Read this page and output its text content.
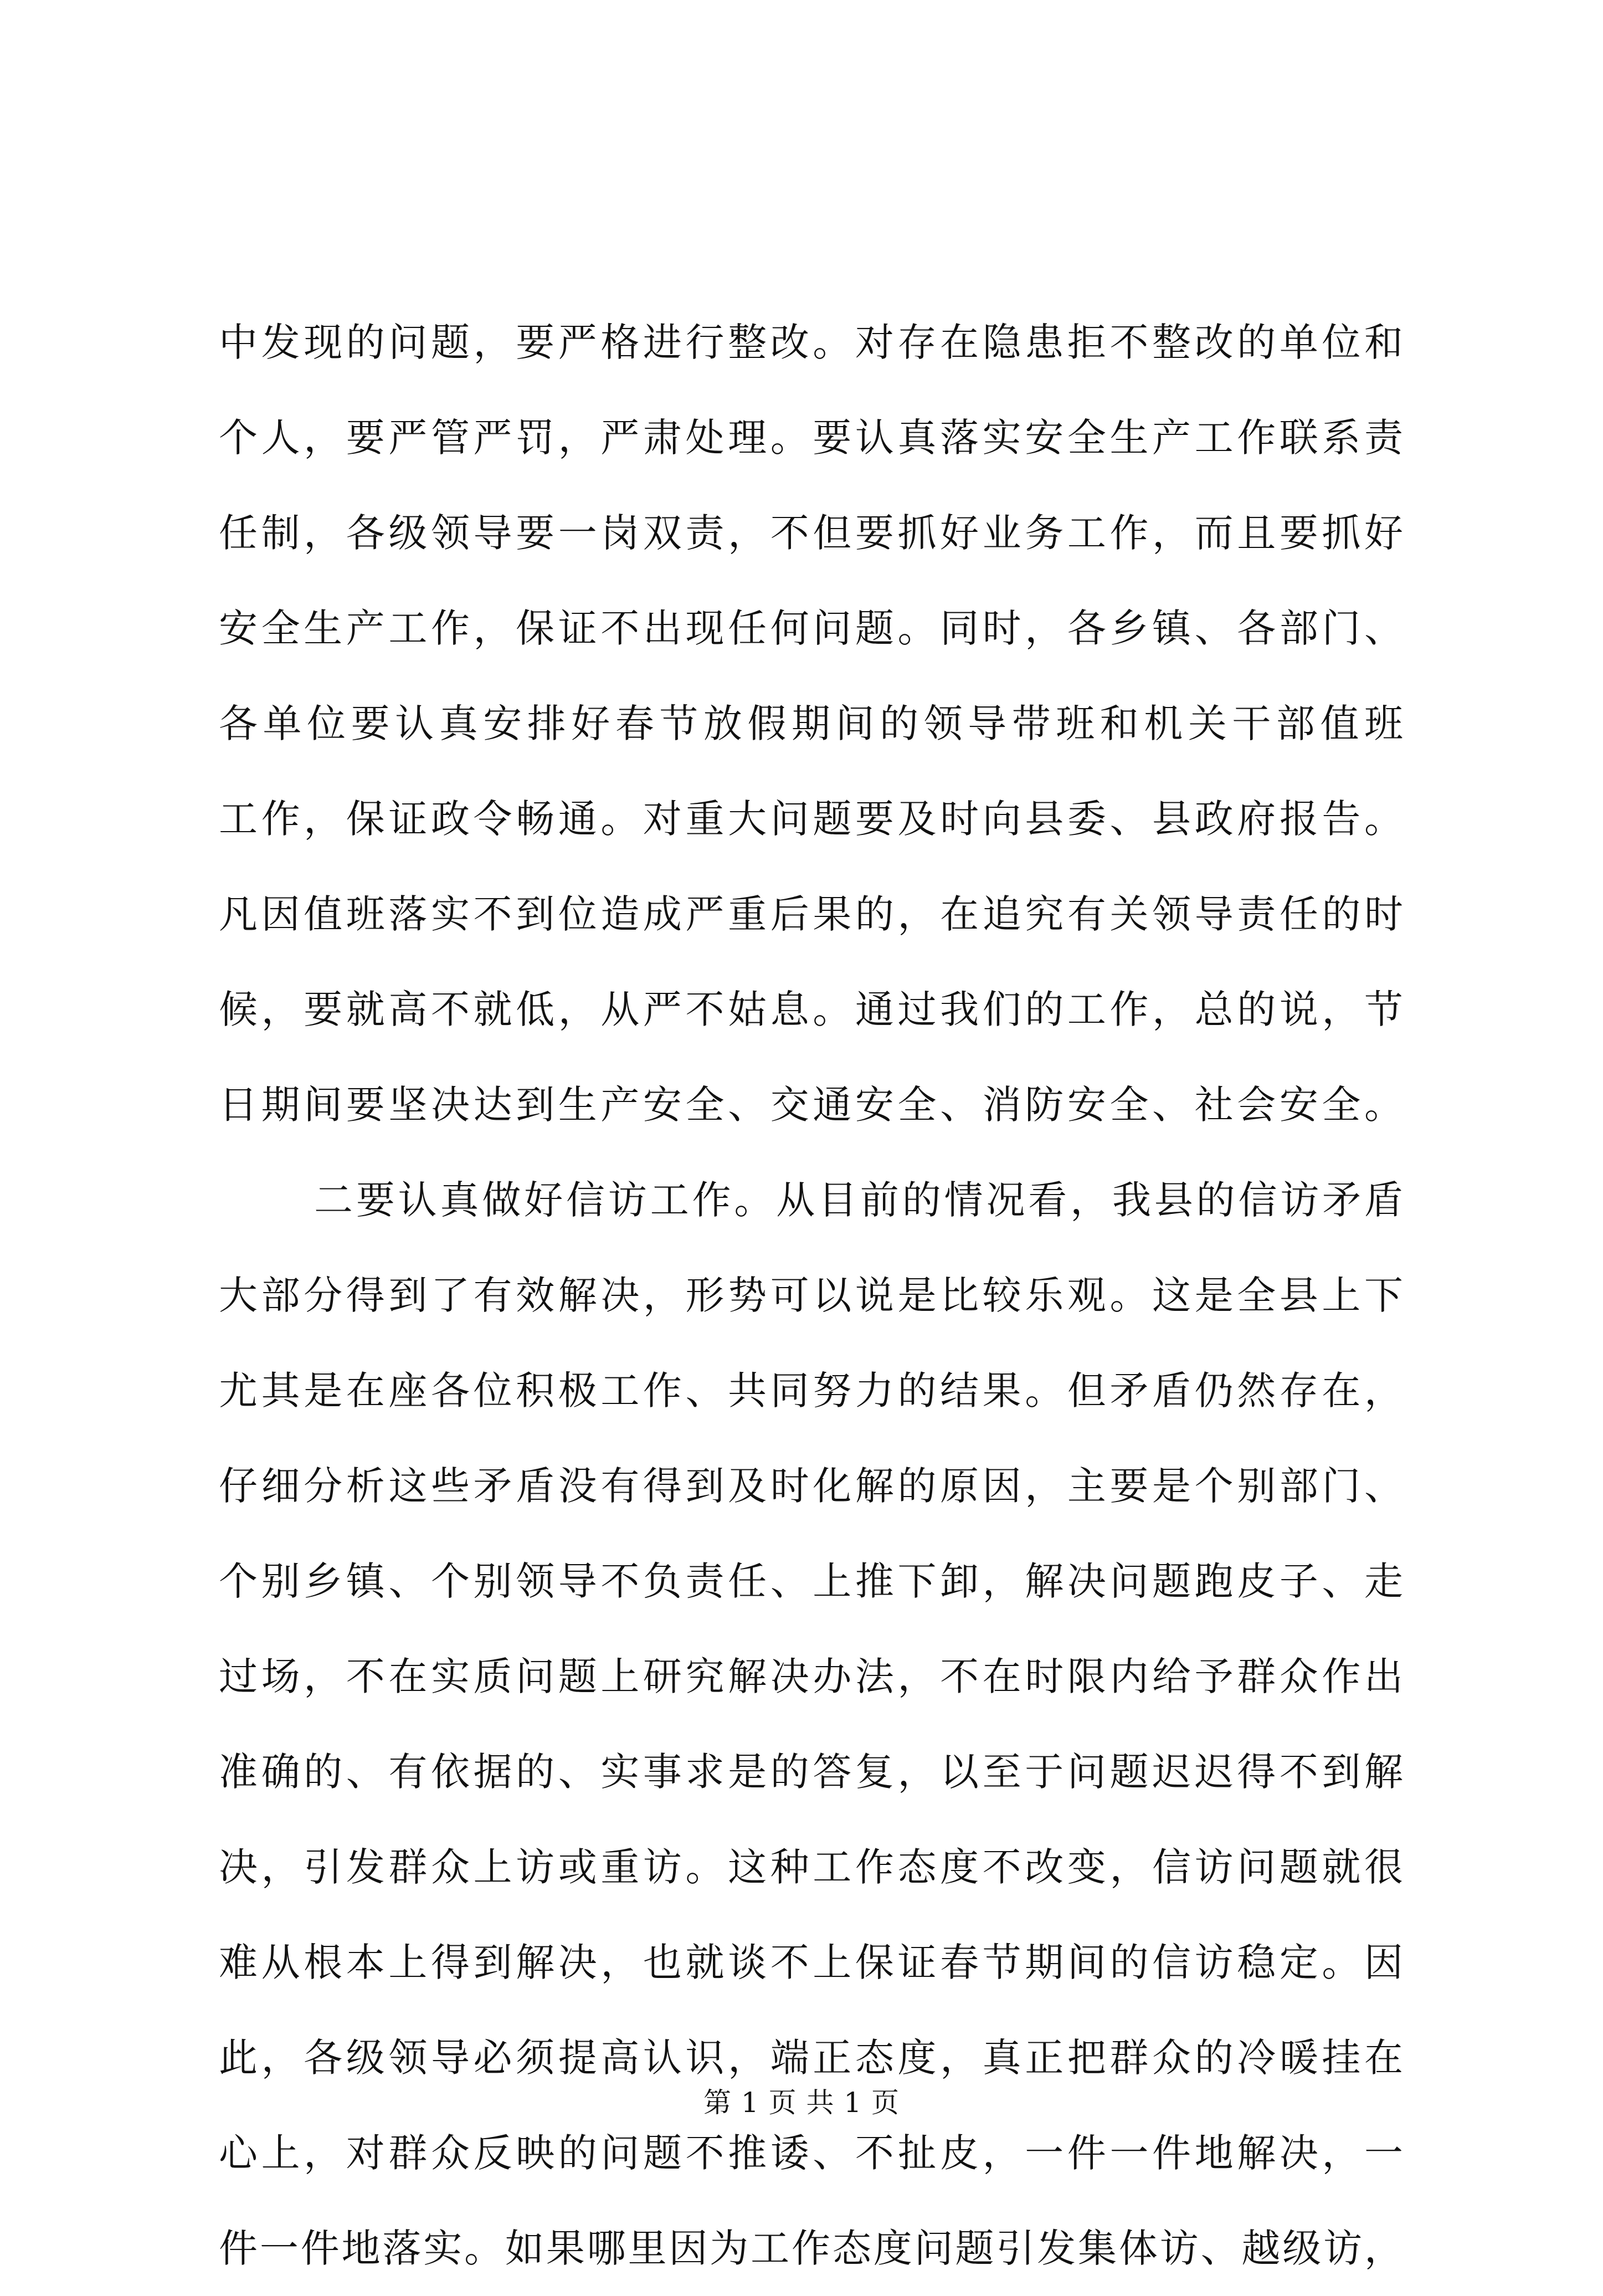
中发现的问题，要严格进行整改。对存在隐患拒不整改的单位和
个人，要严管严罚，严肃处理。要认真落实安全生产工作联系责
任制，各级领导要一岗双责，不但要抓好业务工作，而且要抓好
安全生产工作，保证不出现任何问题。同时，各乡镇、各部门、
各单位要认真安排好春节放假期间的领导带班和机关干部值班
工作，保证政令畅通。对重大问题要及时向县委、县政府报告。
凡因值班落实不到位造成严重后果的，在追究有关领导责任的时
候，要就高不就低，从严不姑息。通过我们的工作，总的说，节
日期间要坚决达到生产安全、交通安全、消防安全、社会安全。
二要认真做好信访工作。从目前的情况看，我县的信访矛盾
大部分得到了有效解决，形势可以说是比较乐观。这是全县上下
尤其是在座各位积极工作、共同努力的结果。但矛盾仍然存在，
仔细分析这些矛盾没有得到及时化解的原因，主要是个别部门、
个别乡镇、个别领导不负责任、上推下卸，解决问题跑皮子、走
过场，不在实质问题上研究解决办法，不在时限内给予群众作出
准确的、有依据的、实事求是的答复，以至于问题迟迟得不到解
决，引发群众上访或重访。这种工作态度不改变，信访问题就很
难从根本上得到解决，也就谈不上保证春节期间的信访稳定。因
此，各级领导必须提高认识，端正态度，真正把群众的冷暖挂在
心上，对群众反映的问题不推诿、不扯皮，一件一件地解决，一
件一件地落实。如果哪里因为工作态度问题引发集体访、越级访，
第 1 页 共 1 页
